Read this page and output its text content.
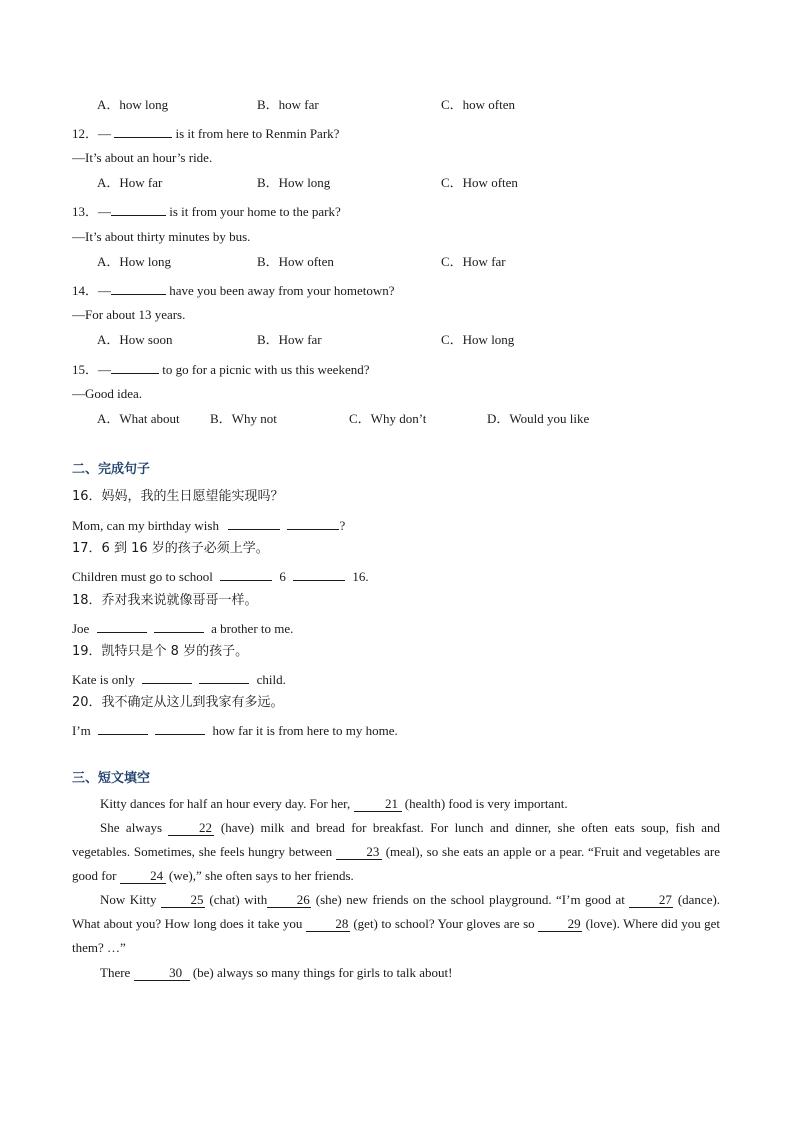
A．how long	B．how far	C．how often
12．—	is it from here to Renmin Park?
—It’s about an hour’s ride.
A．How far	B．How long	C．How often
13．—	is it from your home to the park?
—It’s about thirty minutes by bus.
A．How long	B．How often	C．How far
14．—	have you been away from your hometown?
—For about 13 years.
A．How soon	B．How far	C．How long
15．—	to go for a picnic with us this weekend?
—Good idea.
A．What about B．Why not	C．Why don’t	D．Would you like
二、完成句子
16．妈妈，我的生日愿望能实现吗？
Mom, can my birthday wish	?
17．6 到 16 岁的孩子必须上学。
Children must go to school	6	16.
18．乔对我来说就像哥哥一样。
Joe	a brother to me.
19．凯特只是个 8 岁的孩子。
Kate is only	child.
20．我不确定从这儿到我家有多远。
I’m	how far it is from here to my home.
三、短文填空
Kitty dances for half an hour every day. For her,	21 (health) food is very important.
She always	22 (have) milk and bread for breakfast. For lunch and dinner, she often eats soup, fish and vegetables. Sometimes, she feels hungry between	23 (meal), so she eats an apple or a pear. “Fruit and vegetables are good for	24 (we),” she often says to her friends.
Now Kitty	25 (chat) with 26 (she) new friends on the school playground. “I’m good at	27 (dance). What about you? How long does it take you	28 (get) to school? Your gloves are so	29 (love). Where did you get them? …”
There	30 (be) always so many things for girls to talk about!
